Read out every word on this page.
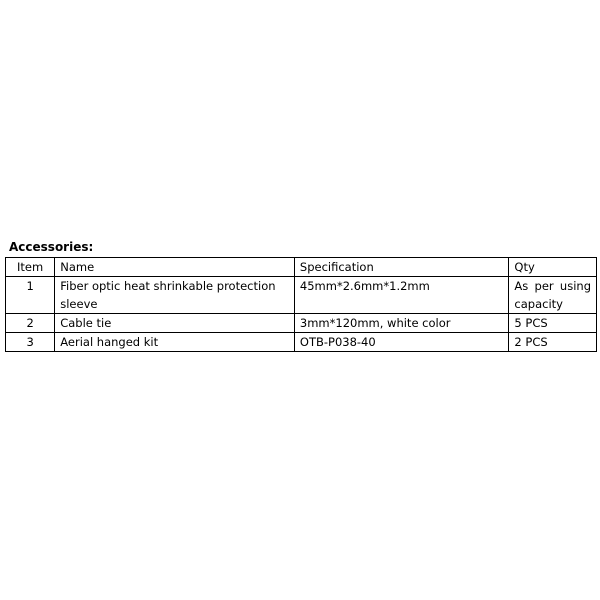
Accessories:
Item	Name	Specification	Qty
1	Fiber optic heat shrinkable protection sleeve	45mm*2.6mm*1.2mm	As per using capacity
2	Cable tie	3mm*120mm, white color	5 PCS
3	Aerial hanged kit	OTB-P038-40	2 PCS
